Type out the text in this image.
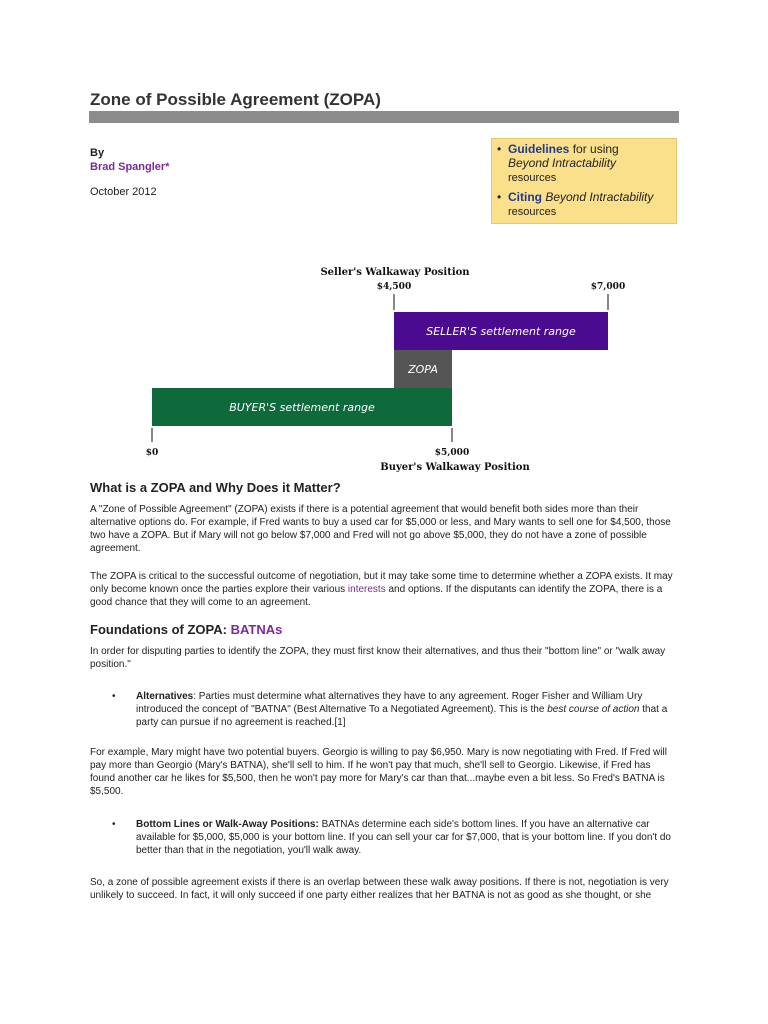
Zone of Possible Agreement (ZOPA)
By
Brad Spangler*
October 2012
• Guidelines for using
Beyond Intractability
resources
• Citing Beyond Intractability
resources
Seller's Walkaway Position
$4,500	$7,000
SELLER'S settlement range
ZOPA
BUYER'S settlement range
$0	$5,000
Buyer's Walkaway Position
What is a ZOPA and Why Does it Matter?
A "Zone of Possible Agreement" (ZOPA) exists if there is a potential agreement that would benefit both sides more than their alternative options do. For example, if Fred wants to buy a used car for $5,000 or less, and Mary wants to sell one for $4,500, those two have a ZOPA. But if Mary will not go below $7,000 and Fred will not go above $5,000, they do not have a zone of possible agreement.
The ZOPA is critical to the successful outcome of negotiation, but it may take some time to determine whether a ZOPA exists. It may only become known once the parties explore their various interests and options. If the disputants can identify the ZOPA, there is a good chance that they will come to an agreement.
Foundations of ZOPA: BATNAs
In order for disputing parties to identify the ZOPA, they must first know their alternatives, and thus their "bottom line" or "walk away position."
•	Alternatives: Parties must determine what alternatives they have to any agreement. Roger Fisher and William Ury introduced the concept of "BATNA" (Best Alternative To a Negotiated Agreement). This is the best course of action that a party can pursue if no agreement is reached.[1]
For example, Mary might have two potential buyers. Georgio is willing to pay $6,950. Mary is now negotiating with Fred. If Fred will pay more than Georgio (Mary's BATNA), she'll sell to him. If he won't pay that much, she'll sell to Georgio. Likewise, if Fred has found another car he likes for $5,500, then he won't pay more for Mary's car than that...maybe even a bit less. So Fred's BATNA is $5,500.
•	Bottom Lines or Walk-Away Positions: BATNAs determine each side's bottom lines. If you have an alternative car available for $5,000, $5,000 is your bottom line. If you can sell your car for $7,000, that is your bottom line. If you don't do better than that in the negotiation, you'll walk away.
So, a zone of possible agreement exists if there is an overlap between these walk away positions. If there is not, negotiation is very unlikely to succeed. In fact, it will only succeed if one party either realizes that her BATNA is not as good as she thought, or she
